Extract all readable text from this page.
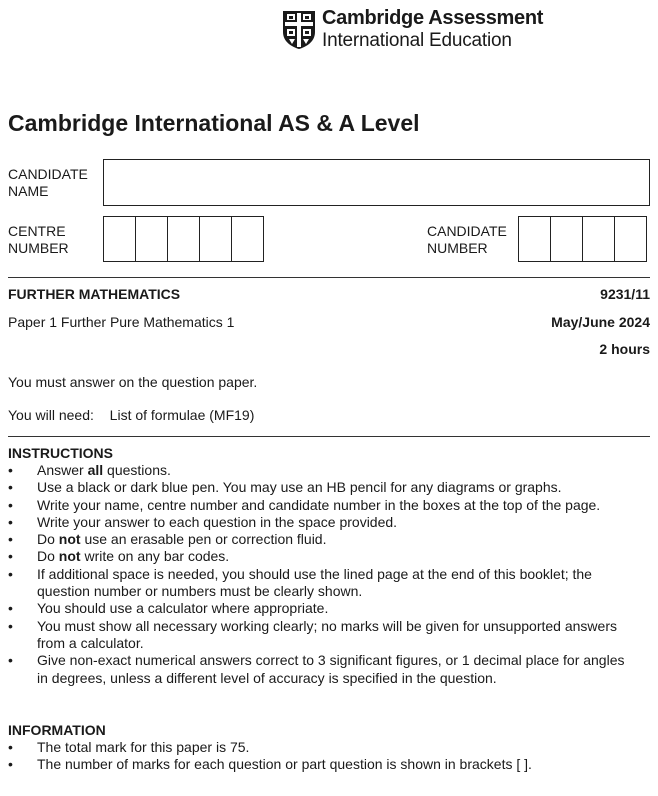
Cambridge Assessment
International Education
Cambridge International AS & A Level
CANDIDATE
NAME
CENTRE
NUMBER
CANDIDATE
NUMBER
FURTHER MATHEMATICS	9231/11
Paper 1 Further Pure Mathematics 1	May/June 2024
2 hours
You must answer on the question paper.
You will need: List of formulae (MF19)
INSTRUCTIONS
• Answer all questions.
• Use a black or dark blue pen. You may use an HB pencil for any diagrams or graphs.
• Write your name, centre number and candidate number in the boxes at the top of the page.
• Write your answer to each question in the space provided.
• Do not use an erasable pen or correction fluid.
• Do not write on any bar codes.
• If additional space is needed, you should use the lined page at the end of this booklet; the question number or numbers must be clearly shown.
• You should use a calculator where appropriate.
• You must show all necessary working clearly; no marks will be given for unsupported answers from a calculator.
• Give non-exact numerical answers correct to 3 significant figures, or 1 decimal place for angles in degrees, unless a different level of accuracy is specified in the question.
INFORMATION
• The total mark for this paper is 75.
• The number of marks for each question or part question is shown in brackets [ ].
